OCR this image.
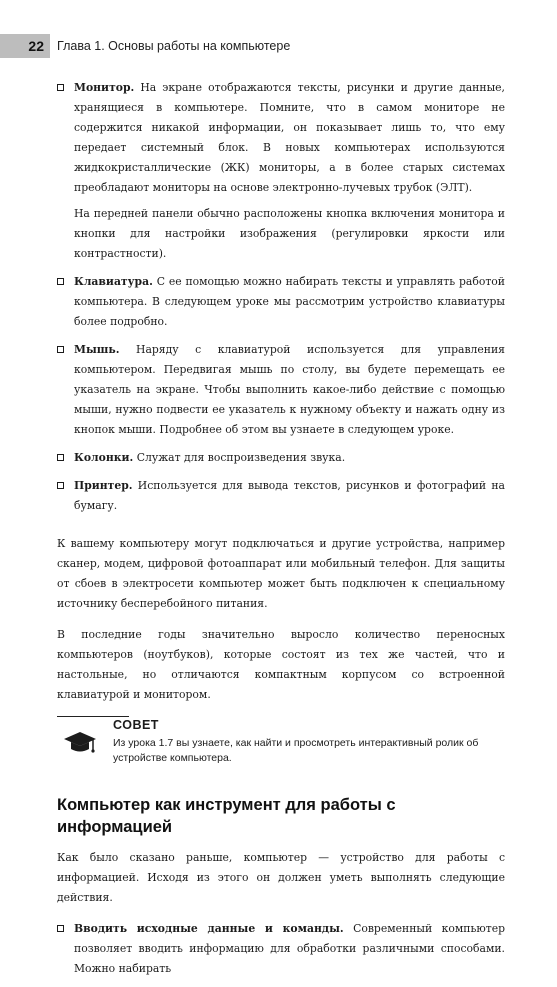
22	Глава 1. Основы работы на компьютере

Монитор. На экране отображаются тексты, рисунки и другие данные, хранящиеся в компьютере. Помните, что в самом мониторе не содержится никакой информации, он показывает лишь то, что ему передает системный блок. В новых компьютерах используются жидкокристаллические (ЖК) мониторы, а в более старых системах преобладают мониторы на основе электронно-лучевых трубок (ЭЛТ).

На передней панели обычно расположены кнопка включения монитора и кнопки для настройки изображения (регулировки яркости или контрастности).

Клавиатура. С ее помощью можно набирать тексты и управлять работой компьютера. В следующем уроке мы рассмотрим устройство клавиатуры более подробно.

Мышь. Наряду с клавиатурой используется для управления компьютером. Передвигая мышь по столу, вы будете перемещать ее указатель на экране. Чтобы выполнить какое-либо действие с помощью мыши, нужно подвести ее указатель к нужному объекту и нажать одну из кнопок мыши. Подробнее об этом вы узнаете в следующем уроке.

Колонки. Служат для воспроизведения звука.

Принтер. Используется для вывода текстов, рисунков и фотографий на бумагу.

К вашему компьютеру могут подключаться и другие устройства, например сканер, модем, цифровой фотоаппарат или мобильный телефон. Для защиты от сбоев в электросети компьютер может быть подключен к специальному источнику бесперебойного питания.

В последние годы значительно выросло количество переносных компьютеров (ноутбуков), которые состоят из тех же частей, что и настольные, но отличаются компактным корпусом со встроенной клавиатурой и монитором.

СОВЕТ
Из урока 1.7 вы узнаете, как найти и просмотреть интерактивный ролик об устройстве компьютера.
Компьютер как инструмент для работы с информацией

Как было сказано раньше, компьютер — устройство для работы с информацией. Исходя из этого он должен уметь выполнять следующие действия.

Вводить исходные данные и команды. Современный компьютер позволяет вводить информацию для обработки различными способами. Можно набирать
